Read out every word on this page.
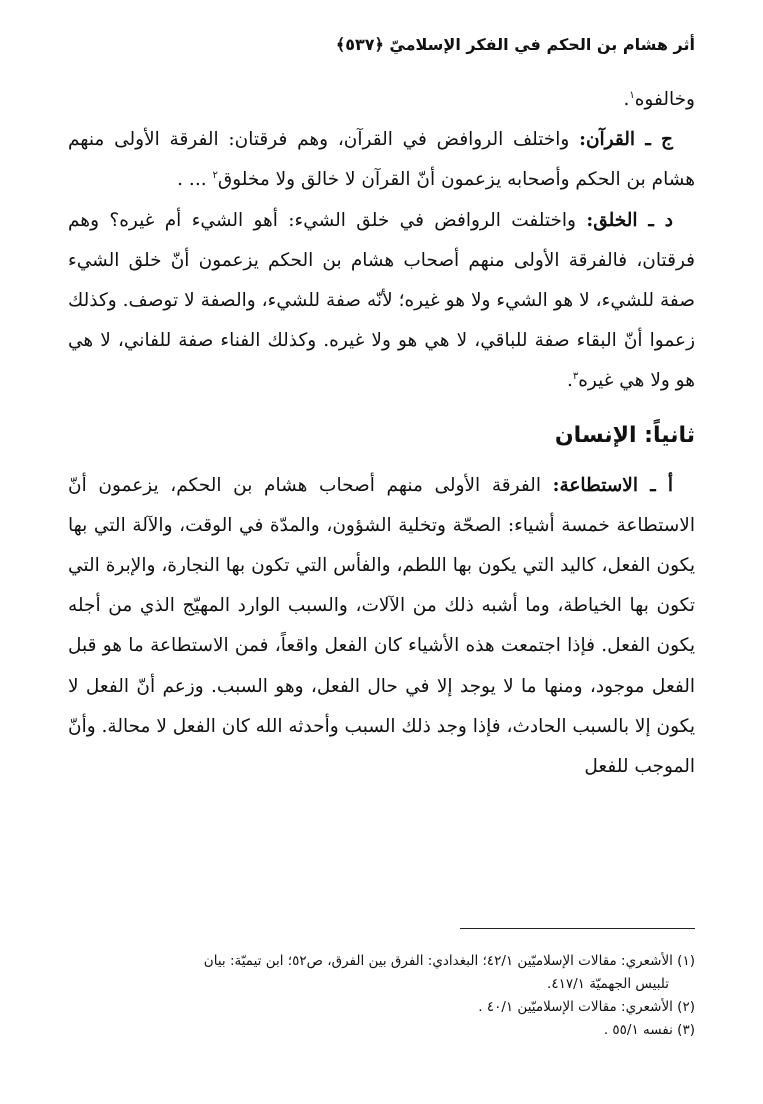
أثر هشام بن الحكم في الفكر الإسلاميّ ﴿٥٣٧﴾

وخالفوه$^١$.

ج ـ القرآن: واختلف الروافض في القرآن، وهم فرقتان: الفرقة الأولى منهم هشام بن الحكم وأصحابه يزعمون أنّ القرآن لا خالق ولا مخلوق$^٢$ ... .

د ـ الخلق: واختلفت الروافض في خلق الشيء: أهو الشيء أم غيره؟ وهم فرقتان، فالفرقة الأولى منهم أصحاب هشام بن الحكم يزعمون أنّ خلق الشيء صفة للشيء، لا هو الشيء ولا هو غيره؛ لأنّه صفة للشيء، والصفة لا توصف. وكذلك زعموا أنّ البقاء صفة للباقي، لا هي هو ولا غيره. وكذلك الفناء صفة للفاني، لا هي هو ولا هي غيره$^٣$.

ثانياً: الإنسان

أ ـ الاستطاعة: الفرقة الأولى منهم أصحاب هشام بن الحكم، يزعمون أنّ الاستطاعة خمسة أشياء: الصحّة وتخلية الشؤون، والمدّة في الوقت، والآلة التي بها يكون الفعل، كاليد التي يكون بها اللطم، والفأس التي تكون بها النجارة، والإبرة التي تكون بها الخياطة، وما أشبه ذلك من الآلات، والسبب الوارد المهيّج الذي من أجله يكون الفعل. فإذا اجتمعت هذه الأشياء كان الفعل واقعاً، فمن الاستطاعة ما هو قبل الفعل موجود، ومنها ما لا يوجد إلا في حال الفعل، وهو السبب. وزعم أنّ الفعل لا يكون إلا بالسبب الحادث، فإذا وجد ذلك السبب وأحدثه الله كان الفعل لا محالة. وأنّ الموجب للفعل

(١) الأشعري: مقالات الإسلاميّين ٤٢/١؛ البغدادي: الفرق بين الفرق، ص٥٢؛ ابن تيميّة: بيان

تلبيس الجهميّة ٤١٧/١.

(٢) الأشعري: مقالات الإسلاميّين ٤٠/١ .

(٣) نفسه ٥٥/١ .
